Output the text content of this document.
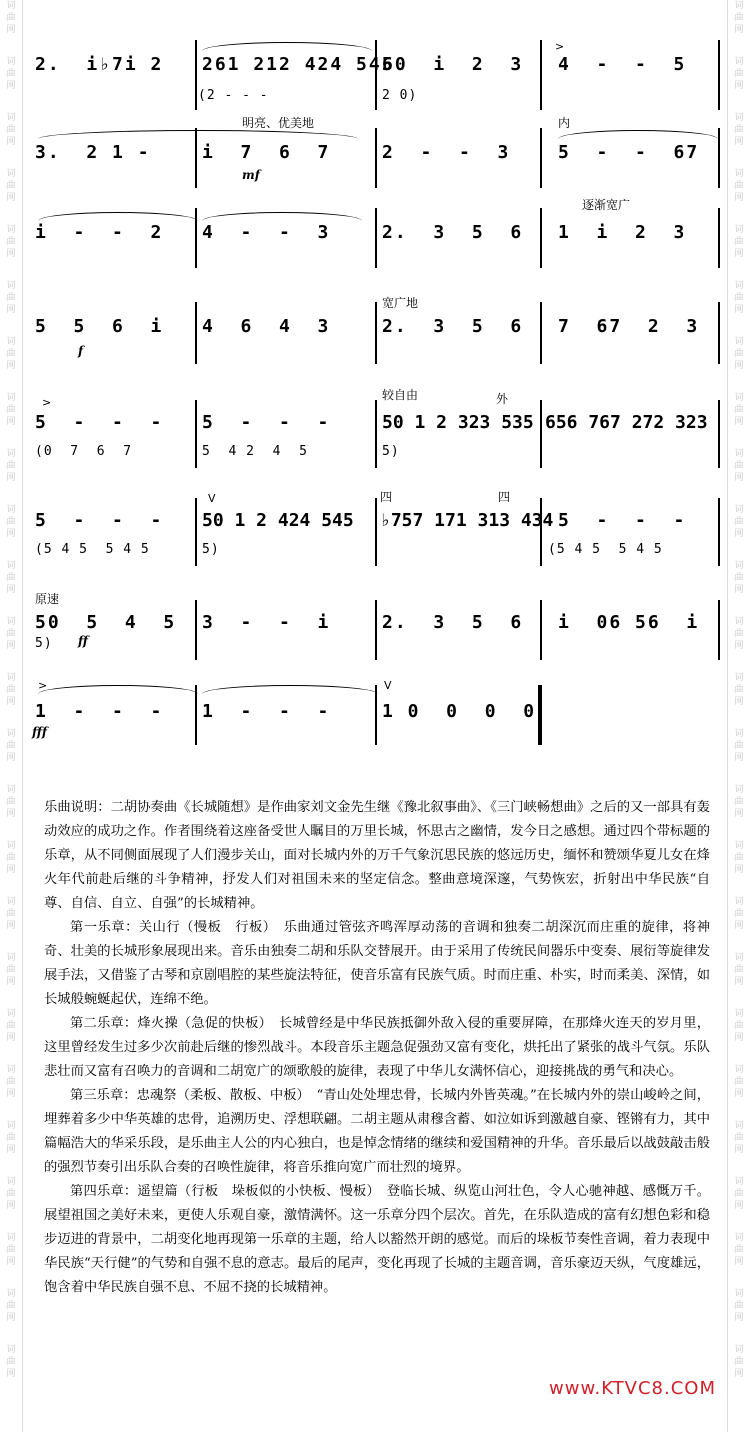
词
曲
网
词
曲
网
词
曲
网
词
曲
网
词
曲
网
词
曲
网
词
曲
网
词
曲
网
词
曲
网
词
曲
网
词
曲
网
词
曲
网
词
曲
网
词
曲
网
词
曲
网
词
曲
网
词
曲
网
词
曲
网
词
曲
网
词
曲
网
词
曲
网
词
曲
网
词
曲
网
词
曲
网
词
曲
网
词
曲
网
词
曲
网
词
曲
网
词
曲
网
词
曲
网
词
曲
网
词
曲
网
词
曲
网
词
曲
网
词
曲
网
词
曲
网
词
曲
网
词
曲
网
词
曲
网
词
曲
网
词
曲
网
词
曲
网
词
曲
网
词
曲
网
词
曲
网
词
曲
网
词
曲
网
词
曲
网
词
曲
网
词
曲
网
>
2.  i♭7i 2	261 212 424 545
(2 - - -
60  i  2  3
2 0)
4  -  -  5
明亮、优美地	内
3.  2 1 -	i  7  6  7
mf
2  -  -  3	5  -  -  67
逐渐宽广
i  -  -  2	4  -  -  3	2.  3  5  6	1  i  2  3
宽广地
5  5  6  i
f
4  6  4  3	2.  3  5  6	7  67  2  3
较自由	外
>
5  -  -  -
(0  7  6  7
5  -  -  -
5  4 2  4  5
50 1 2 323 535
5)
656 767 272 323
四	四
V
5  -  -  -
(5 4 5  5 4 5
50 1 2 424 545
5)
♭757 171 313 434 5  -  -  -
(5 4 5  5 4 5
原速
50  5  4  5
5)	ff
3  -  -  i	2.  3  5  6	i  06 56  i
>	V
1  -  -  -
fff
1  -  -  -	1 0  0  0  0

乐曲说明：二胡协奏曲《长城随想》是作曲家刘文金先生继《豫北叙事曲》、《三门峡畅想曲》之后的又一部具有轰动效应的成功之作。作者围绕着这座备受世人瞩目的万里长城，怀思古之幽情，发今日之感想。通过四个带标题的乐章，从不同侧面展现了人们漫步关山，面对长城内外的万千气象沉思民族的悠远历史，缅怀和赞颂华夏儿女在烽火年代前赴后继的斗争精神，抒发人们对祖国未来的坚定信念。整曲意境深邃，气势恢宏，折射出中华民族“自尊、自信、自立、自强”的长城精神。

第一乐章：关山行（慢板　行板）　乐曲通过管弦齐鸣浑厚动荡的音调和独奏二胡深沉而庄重的旋律，将神奇、壮美的长城形象展现出来。音乐由独奏二胡和乐队交替展开。由于采用了传统民间器乐中变奏、展衍等旋律发展手法，又借鉴了古琴和京剧唱腔的某些旋法特征，使音乐富有民族气质。时而庄重、朴实，时而柔美、深情，如长城般蜿蜒起伏，连绵不绝。

第二乐章：烽火操（急促的快板）　长城曾经是中华民族抵御外敌入侵的重要屏障，在那烽火连天的岁月里，这里曾经发生过多少次前赴后继的惨烈战斗。本段音乐主题急促强劲又富有变化，烘托出了紧张的战斗气氛。乐队悲壮而又富有召唤力的音调和二胡宽广的颂歌般的旋律，表现了中华儿女满怀信心，迎接挑战的勇气和决心。

第三乐章：忠魂祭（柔板、散板、中板）　“青山处处埋忠骨，长城内外皆英魂。”在长城内外的崇山峻岭之间，埋葬着多少中华英雄的忠骨，追溯历史、浮想联翩。二胡主题从肃穆含蓄、如泣如诉到激越自豪、铿锵有力，其中篇幅浩大的华采乐段，是乐曲主人公的内心独白，也是悼念情绪的继续和爱国精神的升华。音乐最后以战鼓敲击般的强烈节奏引出乐队合奏的召唤性旋律，将音乐推向宽广而壮烈的境界。

第四乐章：遥望篇（行板　垛板似的小快板、慢板）　登临长城、纵览山河壮色，令人心驰神越、感慨万千。展望祖国之美好未来，更使人乐观自豪，激情满怀。这一乐章分四个层次。首先，在乐队造成的富有幻想色彩和稳步迈进的背景中，二胡变化地再现第一乐章的主题，给人以豁然开朗的感觉。而后的垛板节奏性音调，着力表现中华民族“天行健”的气势和自强不息的意志。最后的尾声，变化再现了长城的主题音调，音乐豪迈天纵，气度雄远，饱含着中华民族自强不息、不屈不挠的长城精神。

www.KTVC8.COM
